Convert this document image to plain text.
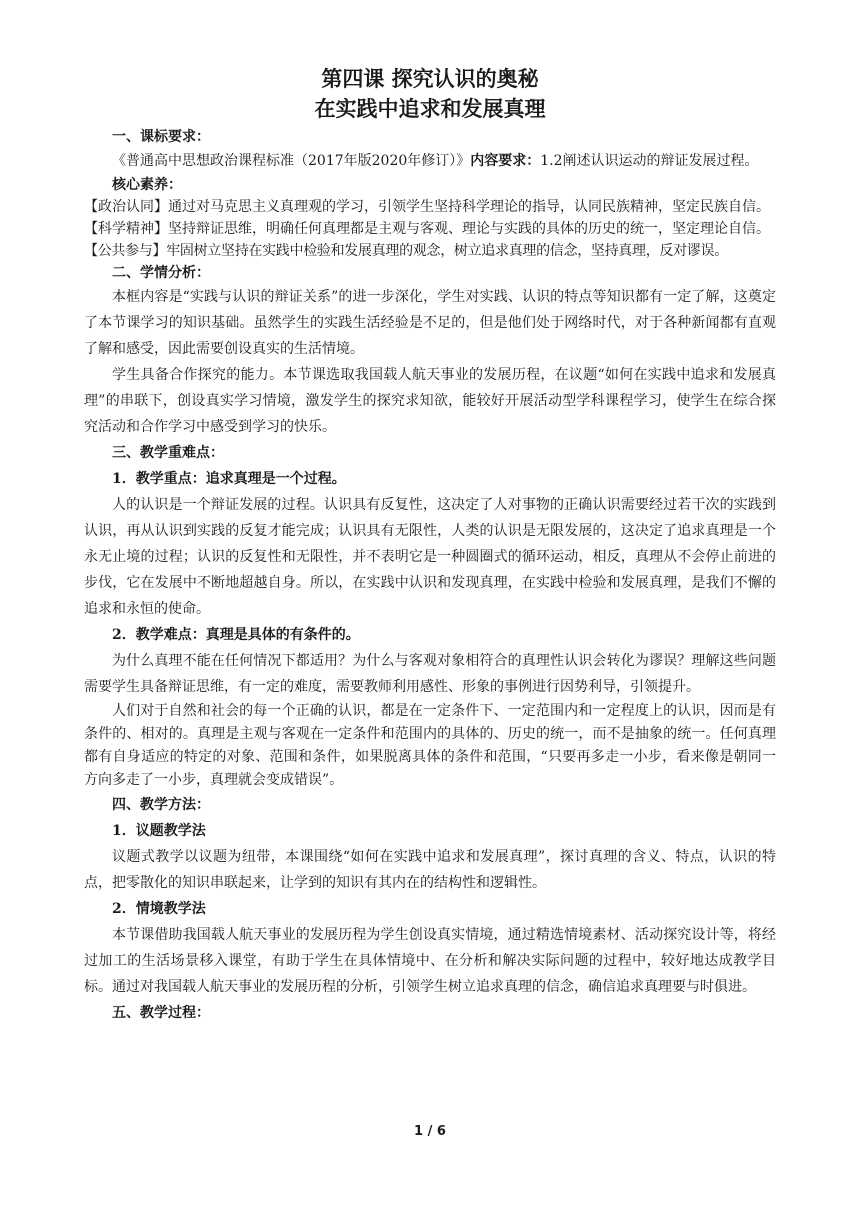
第四课 探究认识的奥秘
在实践中追求和发展真理
一、课标要求：

《普通高中思想政治课程标准（2017年版2020年修订）》内容要求：1.2阐述认识运动的辩证发展过程。

核心素养：

【政治认同】通过对马克思主义真理观的学习，引领学生坚持科学理论的指导，认同民族精神，坚定民族自信。

【科学精神】坚持辩证思维，明确任何真理都是主观与客观、理论与实践的具体的历史的统一，坚定理论自信。

【公共参与】牢固树立坚持在实践中检验和发展真理的观念，树立追求真理的信念，坚持真理，反对谬误。

二、学情分析：

本框内容是“实践与认识的辩证关系”的进一步深化，学生对实践、认识的特点等知识都有一定了解，这奠定了本节课学习的知识基础。虽然学生的实践生活经验是不足的，但是他们处于网络时代，对于各种新闻都有直观了解和感受，因此需要创设真实的生活情境。

学生具备合作探究的能力。本节课选取我国载人航天事业的发展历程，在议题“如何在实践中追求和发展真理”的串联下，创设真实学习情境，激发学生的探究求知欲，能较好开展活动型学科课程学习，使学生在综合探究活动和合作学习中感受到学习的快乐。

三、教学重难点：
1．教学重点：追求真理是一个过程。

人的认识是一个辩证发展的过程。认识具有反复性，这决定了人对事物的正确认识需要经过若干次的实践到认识，再从认识到实践的反复才能完成；认识具有无限性，人类的认识是无限发展的，这决定了追求真理是一个永无止境的过程；认识的反复性和无限性，并不表明它是一种圆圈式的循环运动，相反，真理从不会停止前进的步伐，它在发展中不断地超越自身。所以，在实践中认识和发现真理，在实践中检验和发展真理，是我们不懈的追求和永恒的使命。

2．教学难点：真理是具体的有条件的。

为什么真理不能在任何情况下都适用？为什么与客观对象相符合的真理性认识会转化为谬误？理解这些问题需要学生具备辩证思维，有一定的难度，需要教师利用感性、形象的事例进行因势利导，引领提升。

人们对于自然和社会的每一个正确的认识，都是在一定条件下、一定范围内和一定程度上的认识，因而是有条件的、相对的。真理是主观与客观在一定条件和范围内的具体的、历史的统一，而不是抽象的统一。任何真理都有自身适应的特定的对象、范围和条件，如果脱离具体的条件和范围，“只要再多走一小步，看来像是朝同一方向多走了一小步，真理就会变成错误”。

四、教学方法：
1．议题教学法

议题式教学以议题为纽带，本课围绕“如何在实践中追求和发展真理”，探讨真理的含义、特点，认识的特点，把零散化的知识串联起来，让学到的知识有其内在的结构性和逻辑性。

2．情境教学法

本节课借助我国载人航天事业的发展历程为学生创设真实情境，通过精选情境素材、活动探究设计等，将经过加工的生活场景移入课堂，有助于学生在具体情境中、在分析和解决实际问题的过程中，较好地达成教学目标。通过对我国载人航天事业的发展历程的分析，引领学生树立追求真理的信念，确信追求真理要与时俱进。

五、教学过程：
1 / 6
